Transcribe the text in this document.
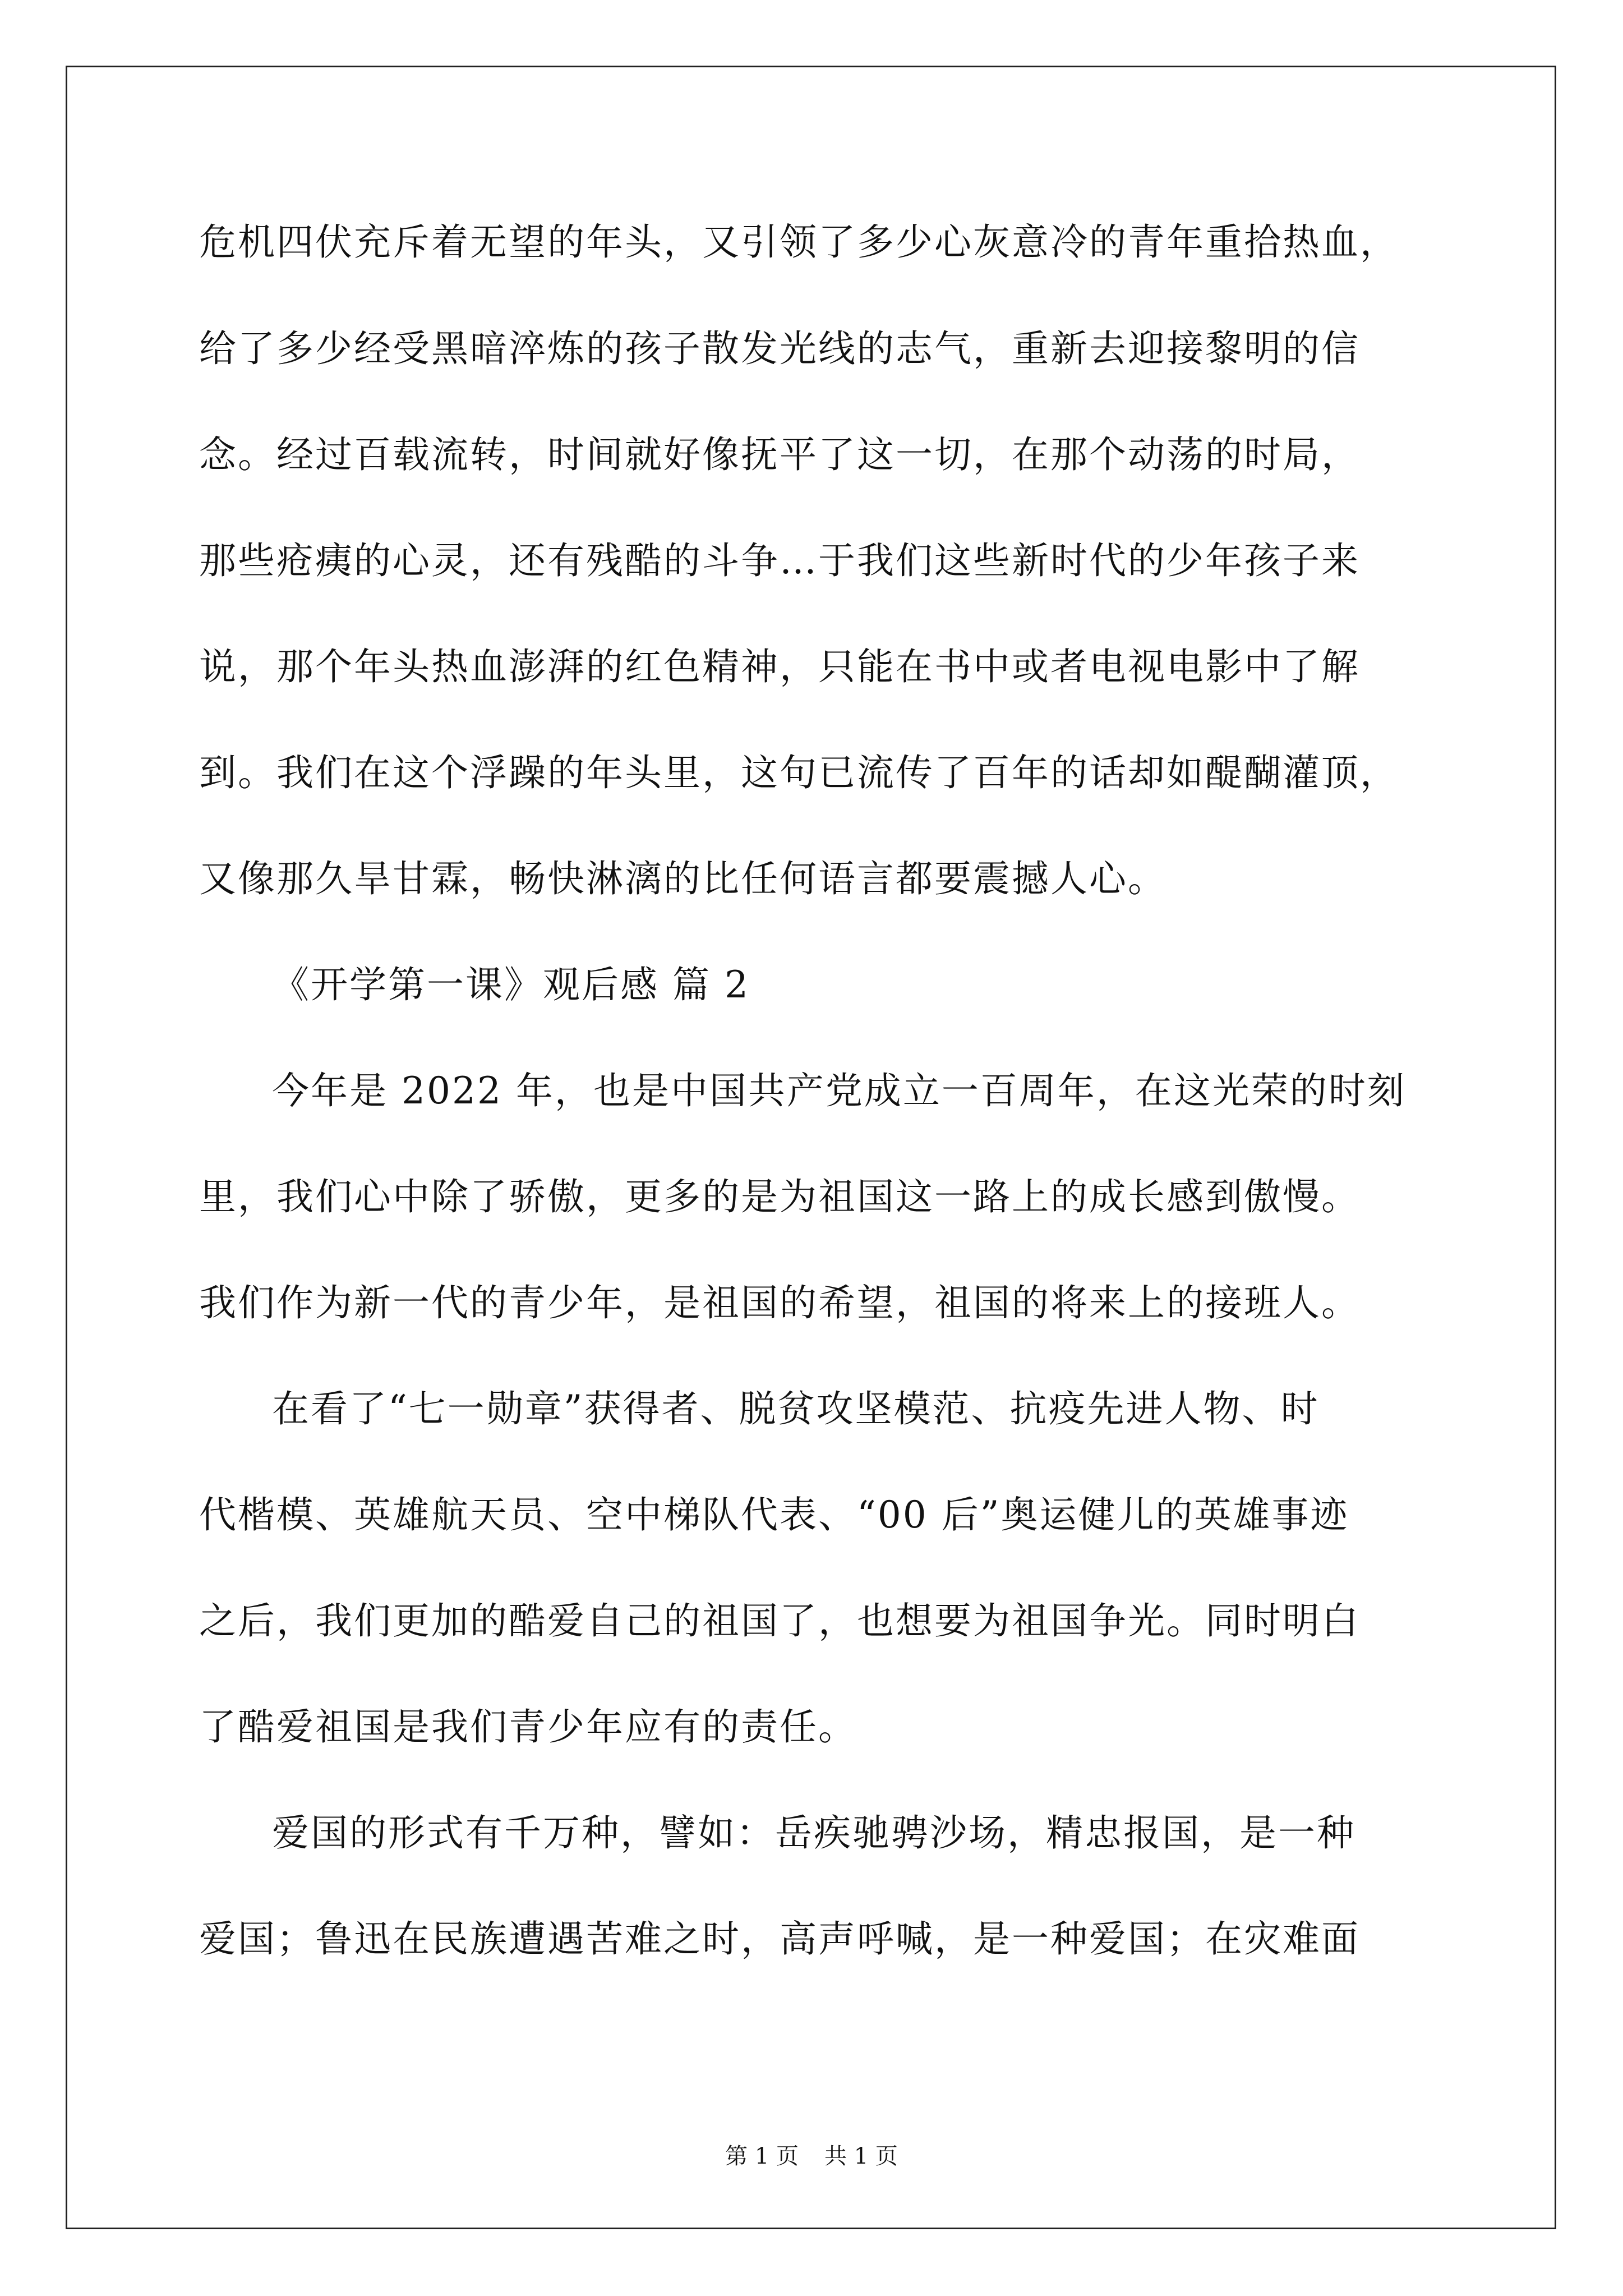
危机四伏充斥着无望的年头，又引领了多少心灰意冷的青年重拾热血，
给了多少经受黑暗淬炼的孩子散发光线的志气，重新去迎接黎明的信
念。经过百载流转，时间就好像抚平了这一切，在那个动荡的时局，
那些疮痍的心灵，还有残酷的斗争…于我们这些新时代的少年孩子来
说，那个年头热血澎湃的红色精神，只能在书中或者电视电影中了解
到。我们在这个浮躁的年头里，这句已流传了百年的话却如醍醐灌顶，
又像那久旱甘霖，畅快淋漓的比任何语言都要震撼人心。
《开学第一课》观后感 篇 2
今年是 2022 年，也是中国共产党成立一百周年，在这光荣的时刻
里，我们心中除了骄傲，更多的是为祖国这一路上的成长感到傲慢。
我们作为新一代的青少年，是祖国的希望，祖国的将来上的接班人。
在看了“七一勋章”获得者、脱贫攻坚模范、抗疫先进人物、时
代楷模、英雄航天员、空中梯队代表、“00 后”奥运健儿的英雄事迹
之后，我们更加的酷爱自己的祖国了，也想要为祖国争光。同时明白
了酷爱祖国是我们青少年应有的责任。
爱国的形式有千万种，譬如：岳疾驰骋沙场，精忠报国，是一种
爱国；鲁迅在民族遭遇苦难之时，高声呼喊，是一种爱国；在灾难面
第 1 页 共 1 页
